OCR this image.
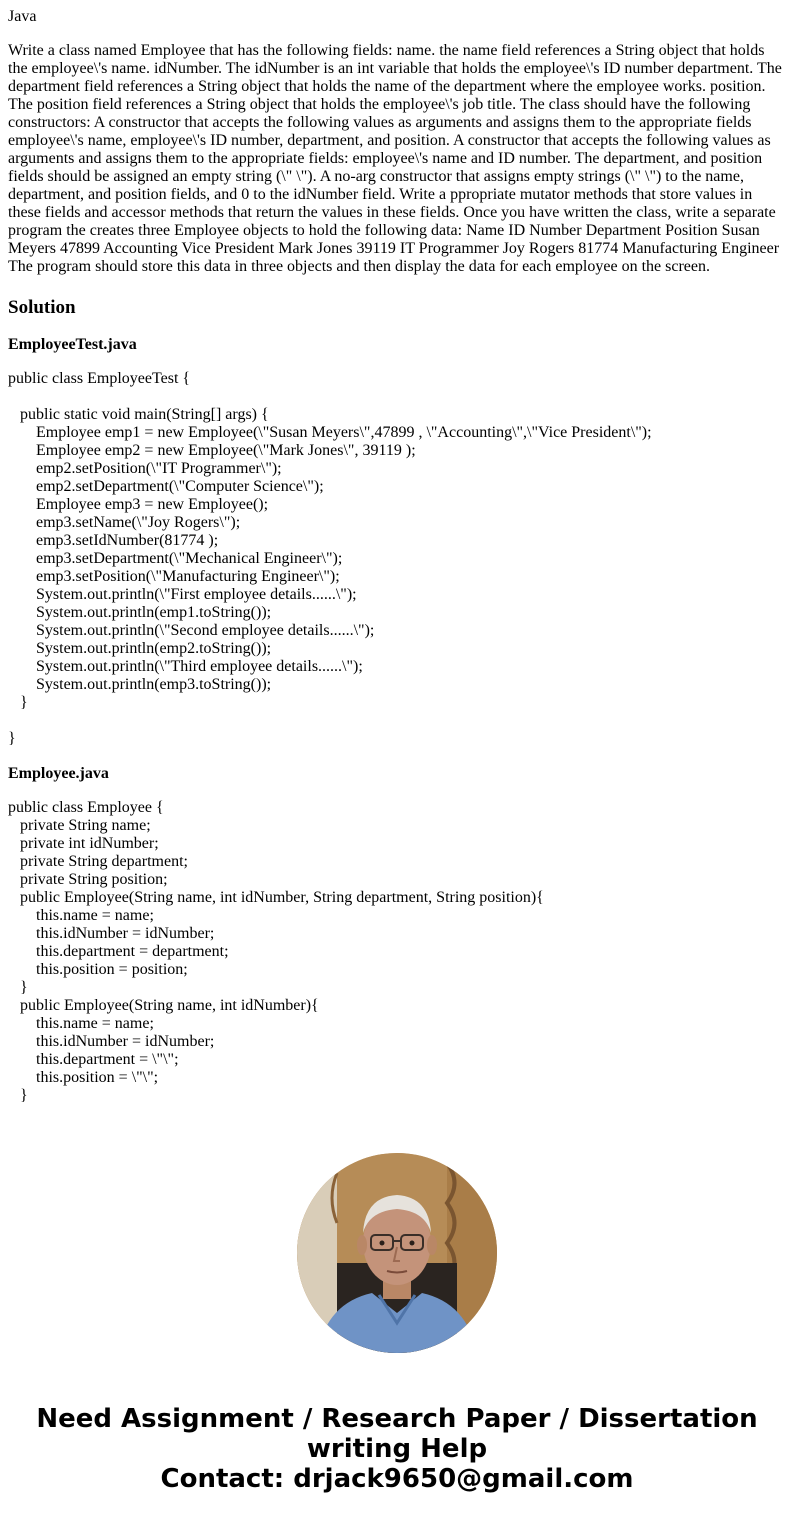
Java
Write a class named Employee that has the following fields: name. the name field references a String object that holds the employee\'s name. idNumber. The idNumber is an int variable that holds the employee\'s ID number department. The department field references a String object that holds the name of the department where the employee works. position. The position field references a String object that holds the employee\'s job title. The class should have the following constructors: A constructor that accepts the following values as arguments and assigns them to the appropriate fields employee\'s name, employee\'s ID number, department, and position. A constructor that accepts the following values as arguments and assigns them to the appropriate fields: employee\'s name and ID number. The department, and position fields should be assigned an empty string (\" \"). A no-arg constructor that assigns empty strings (\" \") to the name, department, and position fields, and 0 to the idNumber field. Write a ppropriate mutator methods that store values in these fields and accessor methods that return the values in these fields. Once you have written the class, write a separate program the creates three Employee objects to hold the following data: Name ID Number Department Position Susan Meyers 47899 Accounting Vice President Mark Jones 39119 IT Programmer Joy Rogers 81774 Manufacturing Engineer The program should store this data in three objects and then display the data for each employee on the screen.
Solution
EmployeeTest.java
public class EmployeeTest {
public static void main(String[] args) {
Employee emp1 = new Employee(\"Susan Meyers\",47899 , \"Accounting\",\"Vice President\");
Employee emp2 = new Employee(\"Mark Jones\", 39119 );
emp2.setPosition(\"IT Programmer\");
emp2.setDepartment(\"Computer Science\");
Employee emp3 = new Employee();
emp3.setName(\"Joy Rogers\");
emp3.setIdNumber(81774 );
emp3.setDepartment(\"Mechanical Engineer\");
emp3.setPosition(\"Manufacturing Engineer\");
System.out.println(\"First employee details......\");
System.out.println(emp1.toString());
System.out.println(\"Second employee details......\");
System.out.println(emp2.toString());
System.out.println(\"Third employee details......\");
System.out.println(emp3.toString());
}
}
Employee.java
public class Employee {
private String name;
private int idNumber;
private String department;
private String position;
public Employee(String name, int idNumber, String department, String position){
this.name = name;
this.idNumber = idNumber;
this.department = department;
this.position = position;
}
public Employee(String name, int idNumber){
this.name = name;
this.idNumber = idNumber;
this.department = \"\";
this.position = \"\";
}
Need Assignment / Research Paper / Dissertation
writing Help
Contact: drjack9650@gmail.com
